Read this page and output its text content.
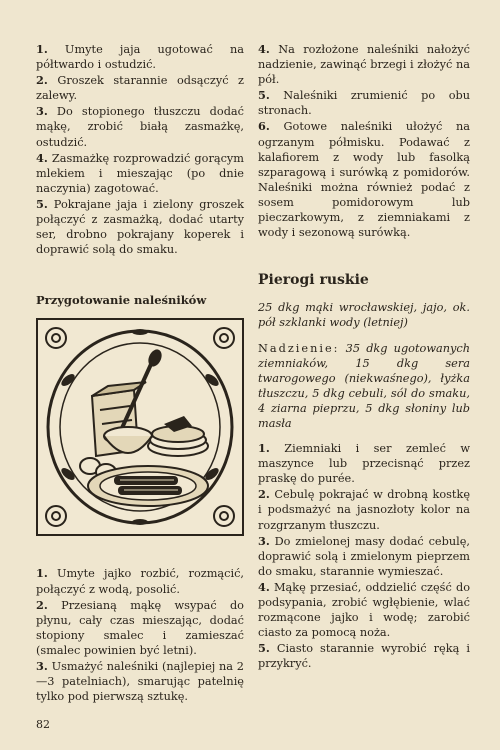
1. Umyte jaja ugotować na półtwardo i ostudzić.

2. Groszek starannie odsączyć z zalewy.

3. Do stopionego tłuszczu dodać mąkę, zrobić białą zasmażkę, ostudzić.

4. Zasmażkę rozprowadzić gorącym mlekiem i mieszając (po dnie naczynia) zagotować.

5. Pokrajane jaja i zielony groszek połączyć z zasmażką, dodać utarty ser, drobno pokrajany koperek i doprawić solą do smaku.

Przygotowanie naleśników

1. Umyte jajko rozbić, rozmącić, połączyć z wodą, posolić.

2. Przesianą mąkę wsypać do płynu, cały czas mieszając, dodać stopiony smalec i zamieszać (smalec powinien być letni).

3. Usmażyć naleśniki (najlepiej na 2—3 patelniach), smarując patelnię tylko pod pierwszą sztukę.

4. Na rozłożone naleśniki nałożyć nadzienie, zawinąć brzegi i złożyć na pół.

5. Naleśniki zrumienić po obu stronach.

6. Gotowe naleśniki ułożyć na ogrzanym półmisku. Podawać z kalafiorem z wody lub fasolką szparagową i surówką z pomidorów. Naleśniki można również podać z sosem pomidorowym lub pieczarkowym, z ziemniakami z wody i sezonową surówką.

Pierogi ruskie
25 dkg mąki wrocławskiej, jajo, ok. pół szklanki wody (letniej)
Nadzienie: 35 dkg ugotowanych ziemniaków, 15 dkg sera twarogowego (niekwaśnego), łyżka tłuszczu, 5 dkg cebuli, sól do smaku, 4 ziarna pieprzu, 5 dkg słoniny lub masła

1. Ziemniaki i ser zemleć w maszynce lub przecisnąć przez praskę do purée.

2. Cebulę pokrajać w drobną kostkę i podsmażyć na jasnozłoty kolor na rozgrzanym tłuszczu.

3. Do zmielonej masy dodać cebulę, doprawić solą i zmielonym pieprzem do smaku, starannie wymieszać.

4. Mąkę przesiać, oddzielić część do podsypania, zrobić wgłębienie, wlać rozmącone jajko i wodę; zarobić ciasto za pomocą noża.

5. Ciasto starannie wyrobić ręką i przykryć.

82
